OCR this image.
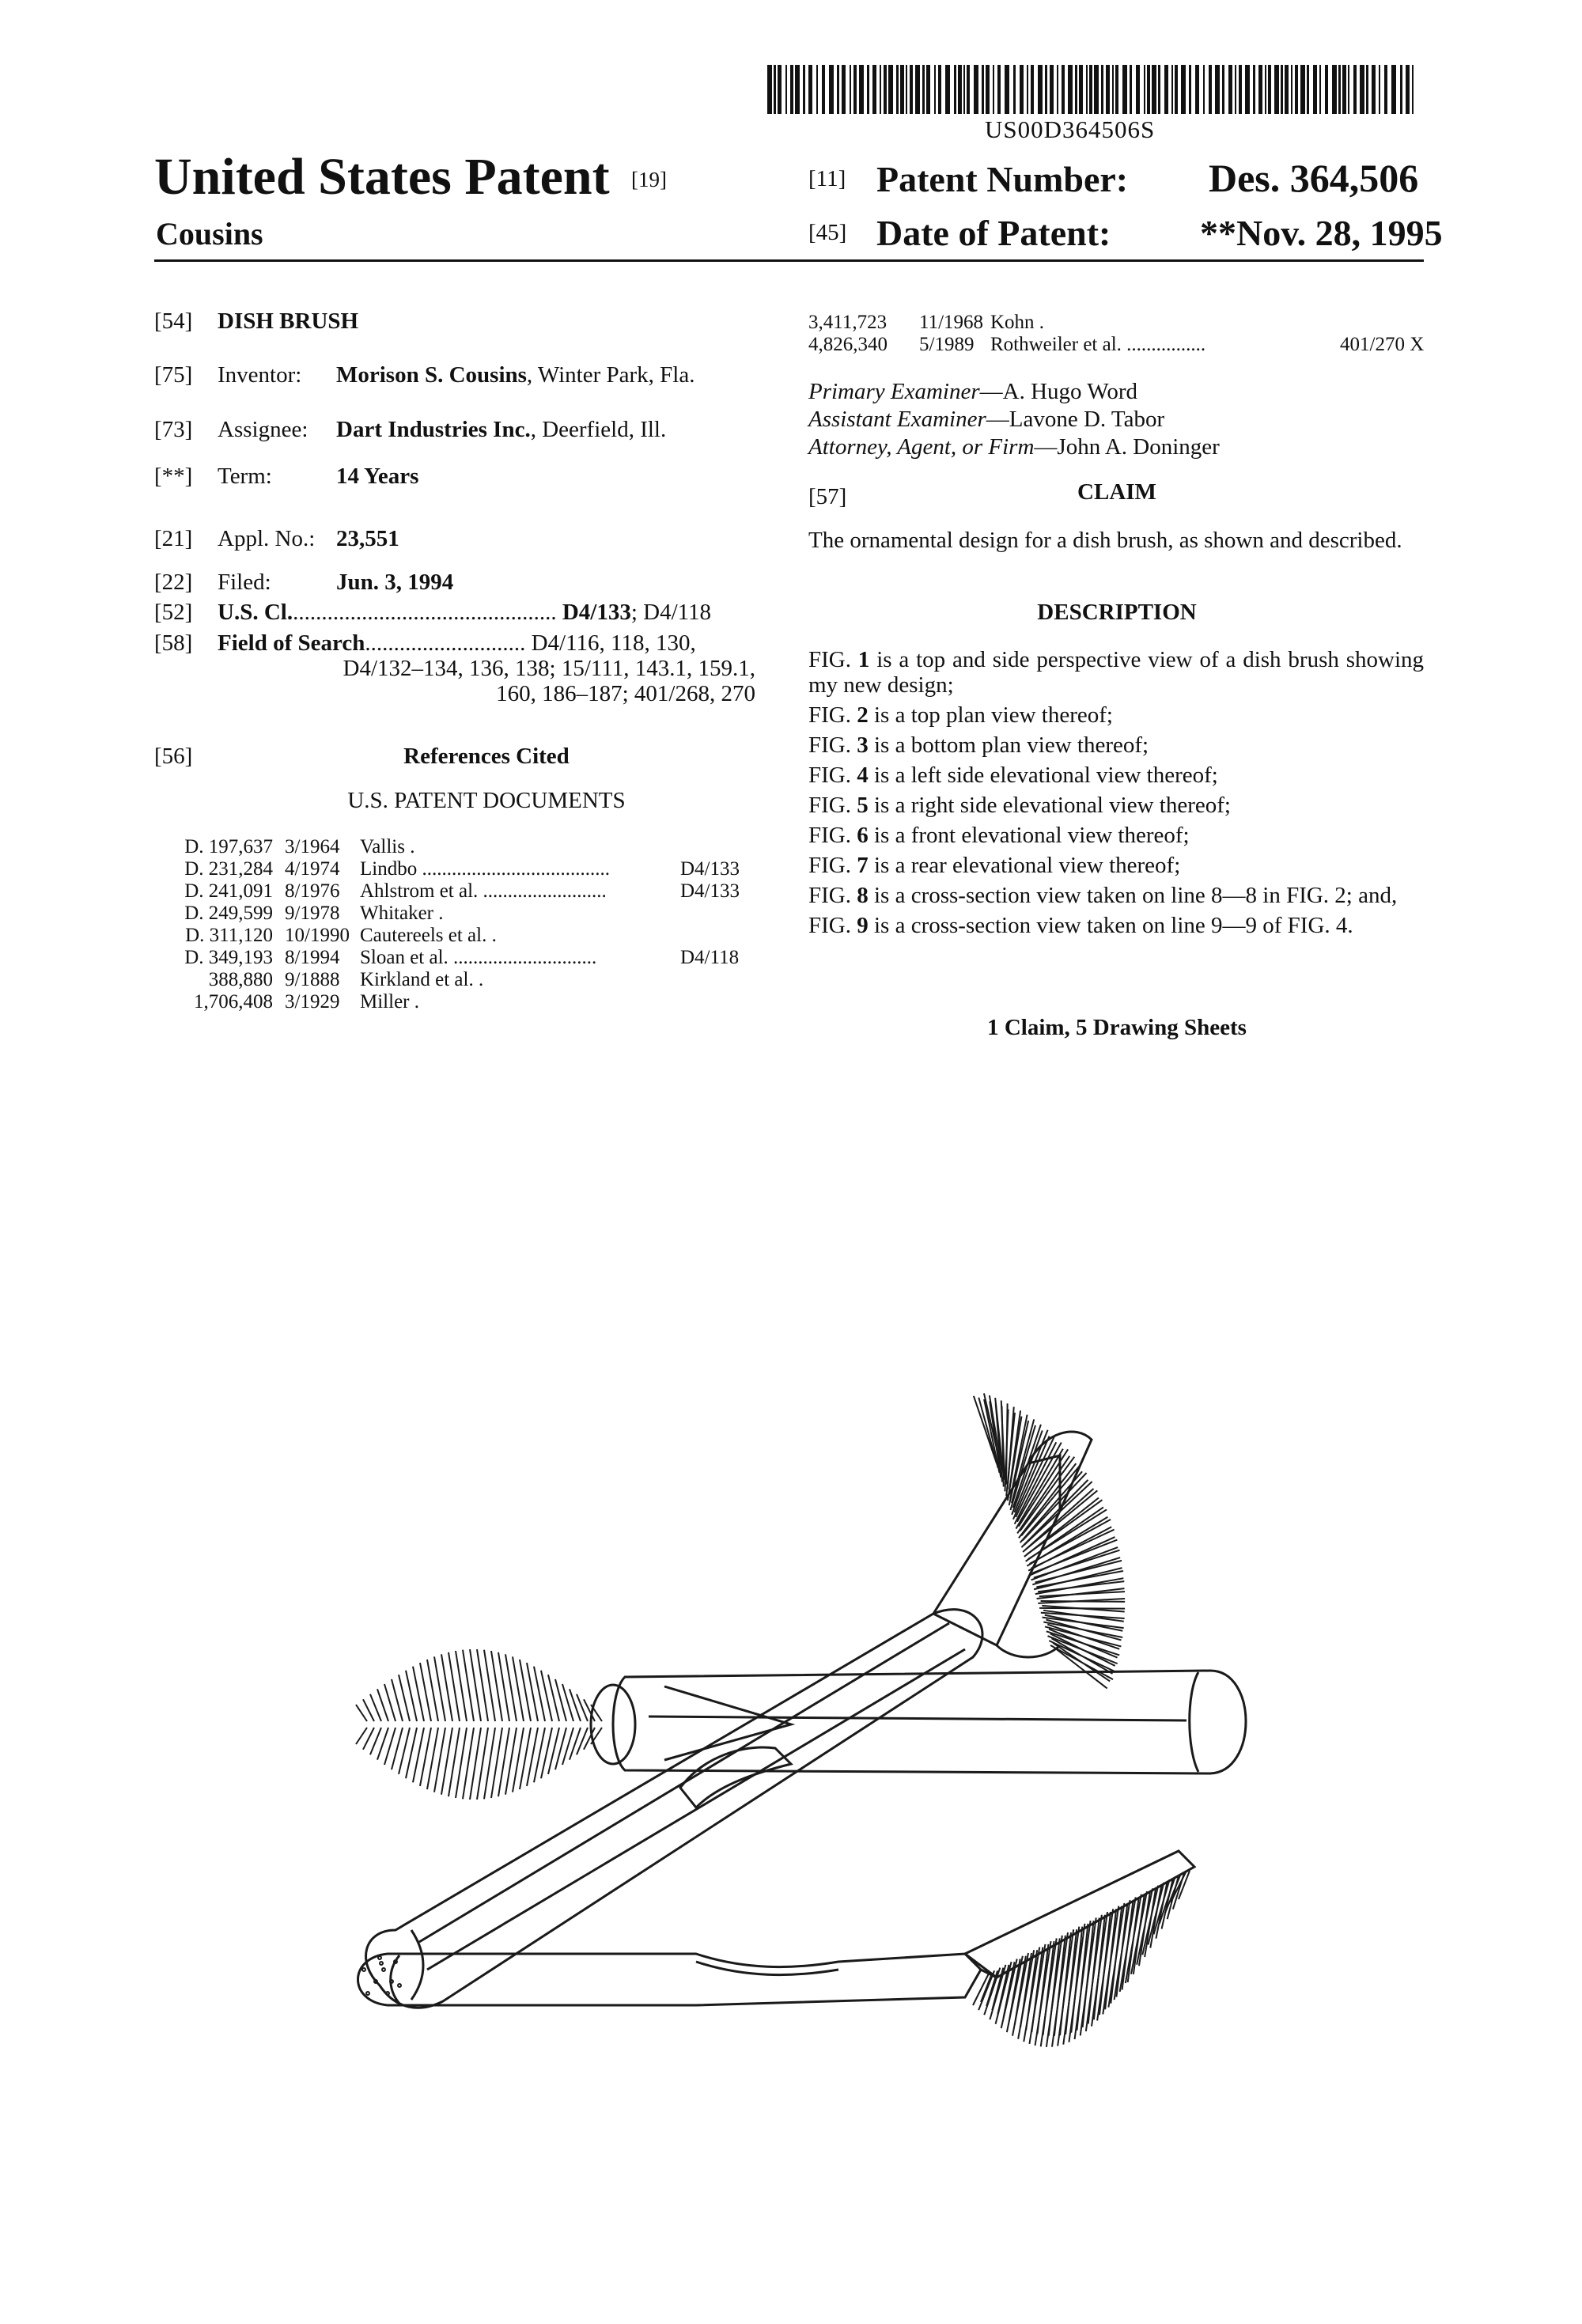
US00D364506S
United States Patent [19]
Cousins
[11] Patent Number: Des. 364,506
[45] Date of Patent: **Nov. 28, 1995
[54] DISH BRUSH
[75] Inventor: Morison S. Cousins, Winter Park, Fla.
[73] Assignee: Dart Industries Inc., Deerfield, Ill.
[**] Term:	14 Years
[21] Appl. No.: 23,551
[22] Filed:	Jun. 3, 1994
[52] U.S. Cl............................................... D4/133; D4/118
[58] Field of Search............................ D4/116, 118, 130,
D4/132–134, 136, 138; 15/111, 143.1, 159.1,
160, 186–187; 401/268, 270
[56]	References Cited
U.S. PATENT DOCUMENTS
D. 197,637 3/1964 Vallis .
D. 231,284 4/1974 Lindbo ......................................	D4/133
D. 241,091 8/1976 Ahlstrom et al. .........................	D4/133
D. 249,599 9/1978 Whitaker .
D. 311,120 10/1990 Cautereels et al. .
D. 349,193 8/1994 Sloan et al. .............................	D4/118
388,880 9/1888 Kirkland et al. .
1,706,408 3/1929 Miller .
3,411,723 11/1968 Kohn .
4,826,340 5/1989 Rothweiler et al. ................	401/270 X
Primary Examiner—A. Hugo Word
Assistant Examiner—Lavone D. Tabor
Attorney, Agent, or Firm—John A. Doninger
[57]	CLAIM
The ornamental design for a dish brush, as shown and described.
DESCRIPTION
FIG. 1 is a top and side perspective view of a dish brush showing my new design;
FIG. 2 is a top plan view thereof;
FIG. 3 is a bottom plan view thereof;
FIG. 4 is a left side elevational view thereof;
FIG. 5 is a right side elevational view thereof;
FIG. 6 is a front elevational view thereof;
FIG. 7 is a rear elevational view thereof;
FIG. 8 is a cross-section view taken on line 8—8 in FIG. 2; and,
FIG. 9 is a cross-section view taken on line 9—9 of FIG. 4.
1 Claim, 5 Drawing Sheets
